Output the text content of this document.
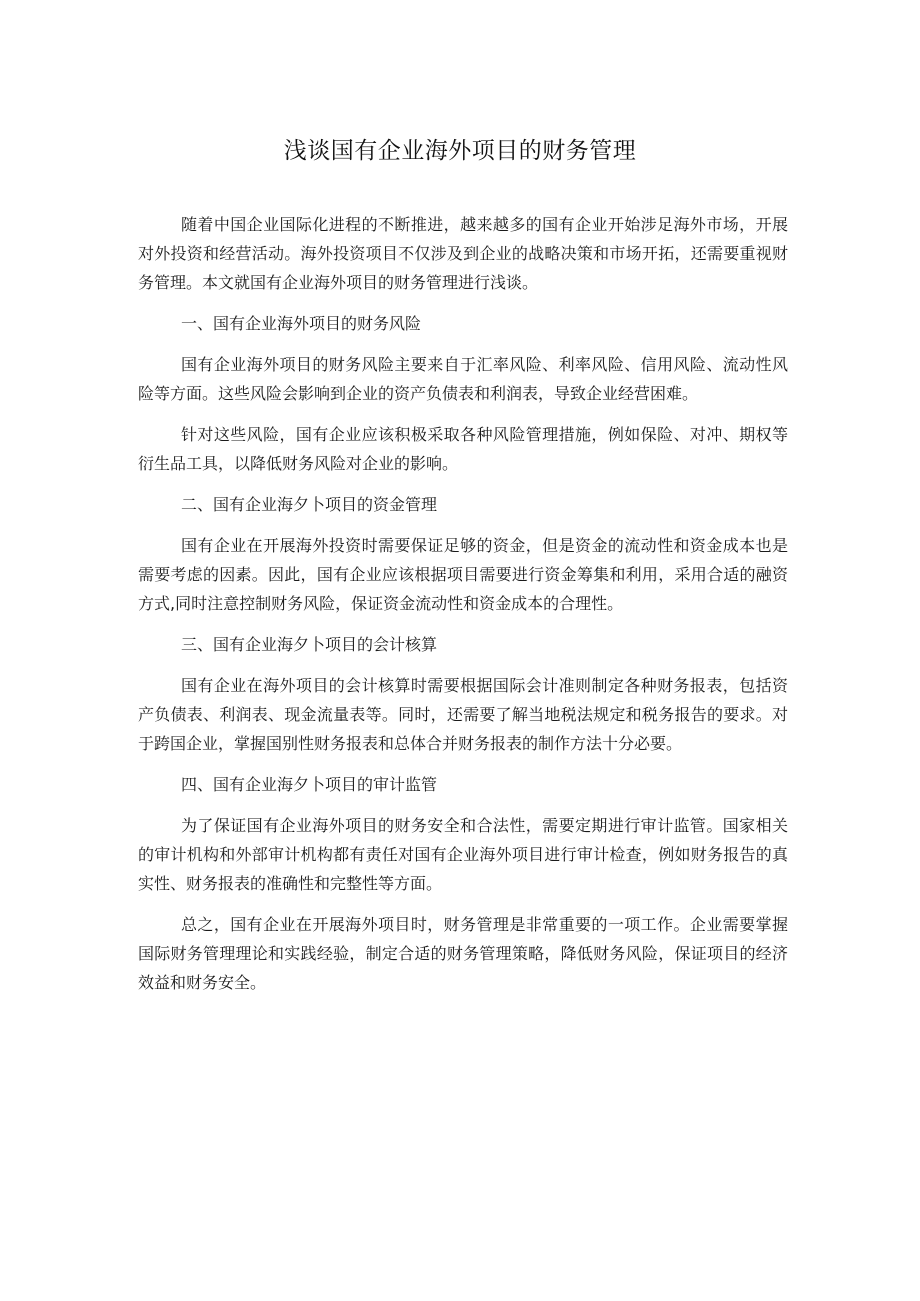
浅谈国有企业海外项目的财务管理

随着中国企业国际化进程的不断推进，越来越多的国有企业开始涉足海外市场，开展对外投资和经营活动。海外投资项目不仅涉及到企业的战略决策和市场开拓，还需要重视财务管理。本文就国有企业海外项目的财务管理进行浅谈。

一、国有企业海外项目的财务风险

国有企业海外项目的财务风险主要来自于汇率风险、利率风险、信用风险、流动性风险等方面。这些风险会影响到企业的资产负债表和利润表，导致企业经营困难。

针对这些风险，国有企业应该积极采取各种风险管理措施，例如保险、对冲、期权等衍生品工具，以降低财务风险对企业的影响。

二、国有企业海夕卜项目的资金管理

国有企业在开展海外投资时需要保证足够的资金，但是资金的流动性和资金成本也是需要考虑的因素。因此，国有企业应该根据项目需要进行资金筹集和利用，采用合适的融资方式,同时注意控制财务风险，保证资金流动性和资金成本的合理性。

三、国有企业海夕卜项目的会计核算

国有企业在海外项目的会计核算时需要根据国际会计准则制定各种财务报表，包括资产负债表、利润表、现金流量表等。同时，还需要了解当地税法规定和税务报告的要求。对于跨国企业，掌握国别性财务报表和总体合并财务报表的制作方法十分必要。

四、国有企业海夕卜项目的审计监管

为了保证国有企业海外项目的财务安全和合法性，需要定期进行审计监管。国家相关的审计机构和外部审计机构都有责任对国有企业海外项目进行审计检查，例如财务报告的真实性、财务报表的准确性和完整性等方面。

总之，国有企业在开展海外项目时，财务管理是非常重要的一项工作。企业需要掌握国际财务管理理论和实践经验，制定合适的财务管理策略，降低财务风险，保证项目的经济效益和财务安全。
